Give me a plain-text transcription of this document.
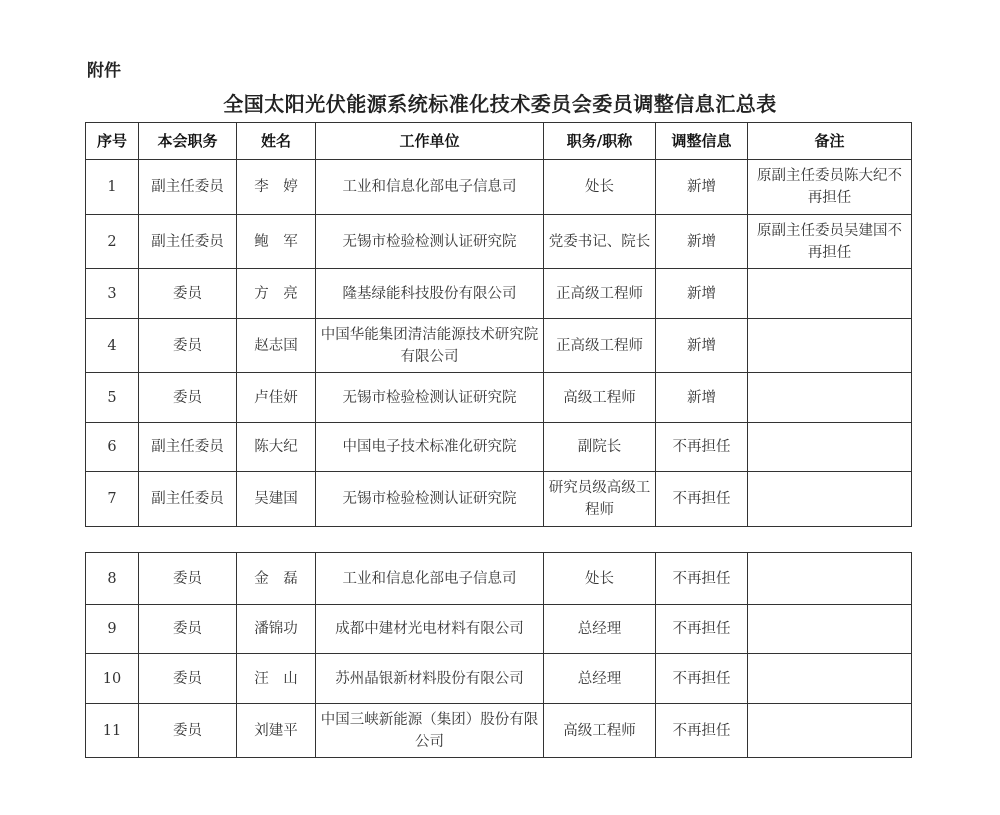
附件
全国太阳光伏能源系统标准化技术委员会委员调整信息汇总表
序号	本会职务	姓名	工作单位	职务/职称	调整信息	备注
1	副主任委员	李　婷	工业和信息化部电子信息司	处长	新增	原副主任委员陈大纪不再担任
2	副主任委员	鲍　军	无锡市检验检测认证研究院	党委书记、院长	新增	原副主任委员吴建国不再担任
3	委员	方　亮	隆基绿能科技股份有限公司	正高级工程师	新增	
4	委员	赵志国	中国华能集团清洁能源技术研究院有限公司	正高级工程师	新增	
5	委员	卢佳妍	无锡市检验检测认证研究院	高级工程师	新增	
6	副主任委员	陈大纪	中国电子技术标准化研究院	副院长	不再担任	
7	副主任委员	吴建国	无锡市检验检测认证研究院	研究员级高级工程师	不再担任	
8	委员	金　磊	工业和信息化部电子信息司	处长	不再担任	
9	委员	潘锦功	成都中建材光电材料有限公司	总经理	不再担任	
10	委员	汪　山	苏州晶银新材料股份有限公司	总经理	不再担任	
11	委员	刘建平	中国三峡新能源（集团）股份有限公司	高级工程师	不再担任	
